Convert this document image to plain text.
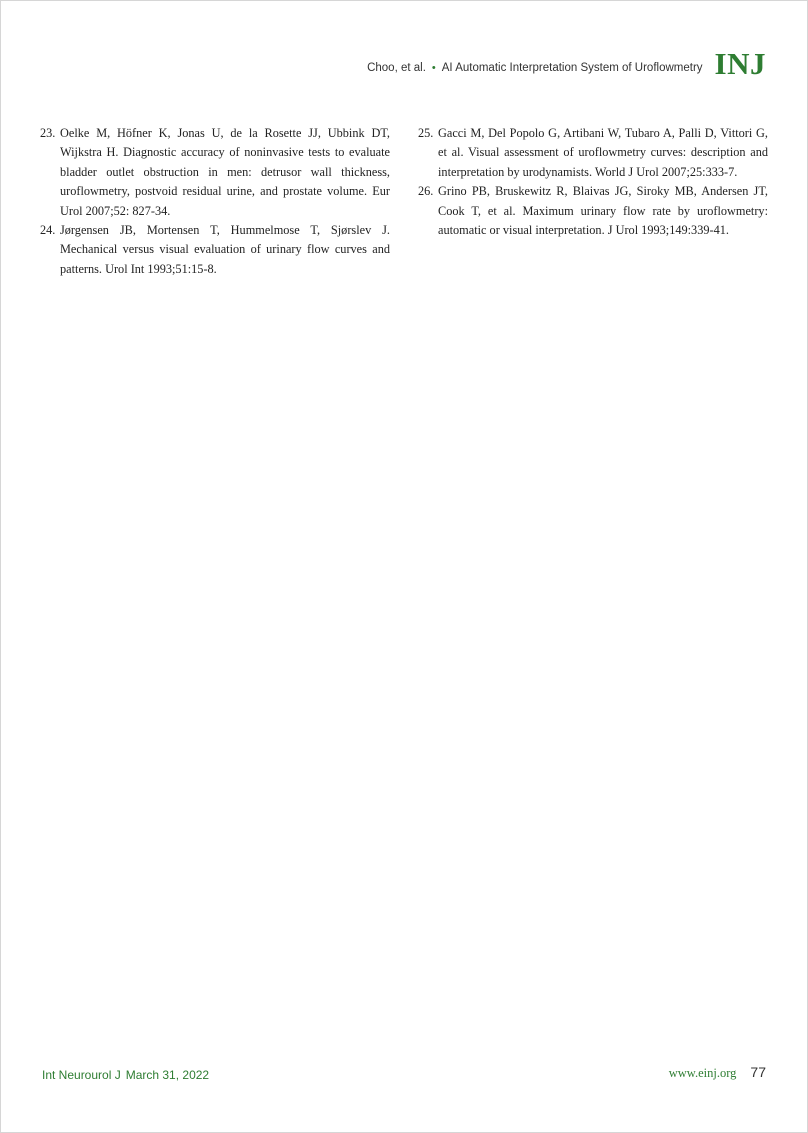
Choo, et al. • AI Automatic Interpretation System of Uroflowmetry INJ

23. Oelke M, Höfner K, Jonas U, de la Rosette JJ, Ubbink DT, Wijkstra H. Diagnostic accuracy of noninvasive tests to evaluate bladder outlet obstruction in men: detrusor wall thickness, uroflowmetry, postvoid residual urine, and prostate volume. Eur Urol 2007;52: 827-34.

24. Jørgensen JB, Mortensen T, Hummelmose T, Sjørslev J. Mechanical versus visual evaluation of urinary flow curves and patterns. Urol Int 1993;51:15-8.

25. Gacci M, Del Popolo G, Artibani W, Tubaro A, Palli D, Vittori G, et al. Visual assessment of uroflowmetry curves: description and interpretation by urodynamists. World J Urol 2007;25:333-7.

26. Grino PB, Bruskewitz R, Blaivas JG, Siroky MB, Andersen JT, Cook T, et al. Maximum urinary flow rate by uroflowmetry: automatic or visual interpretation. J Urol 1993;149:339-41.

Int Neurourol J March 31, 2022	www.einj.org 77
